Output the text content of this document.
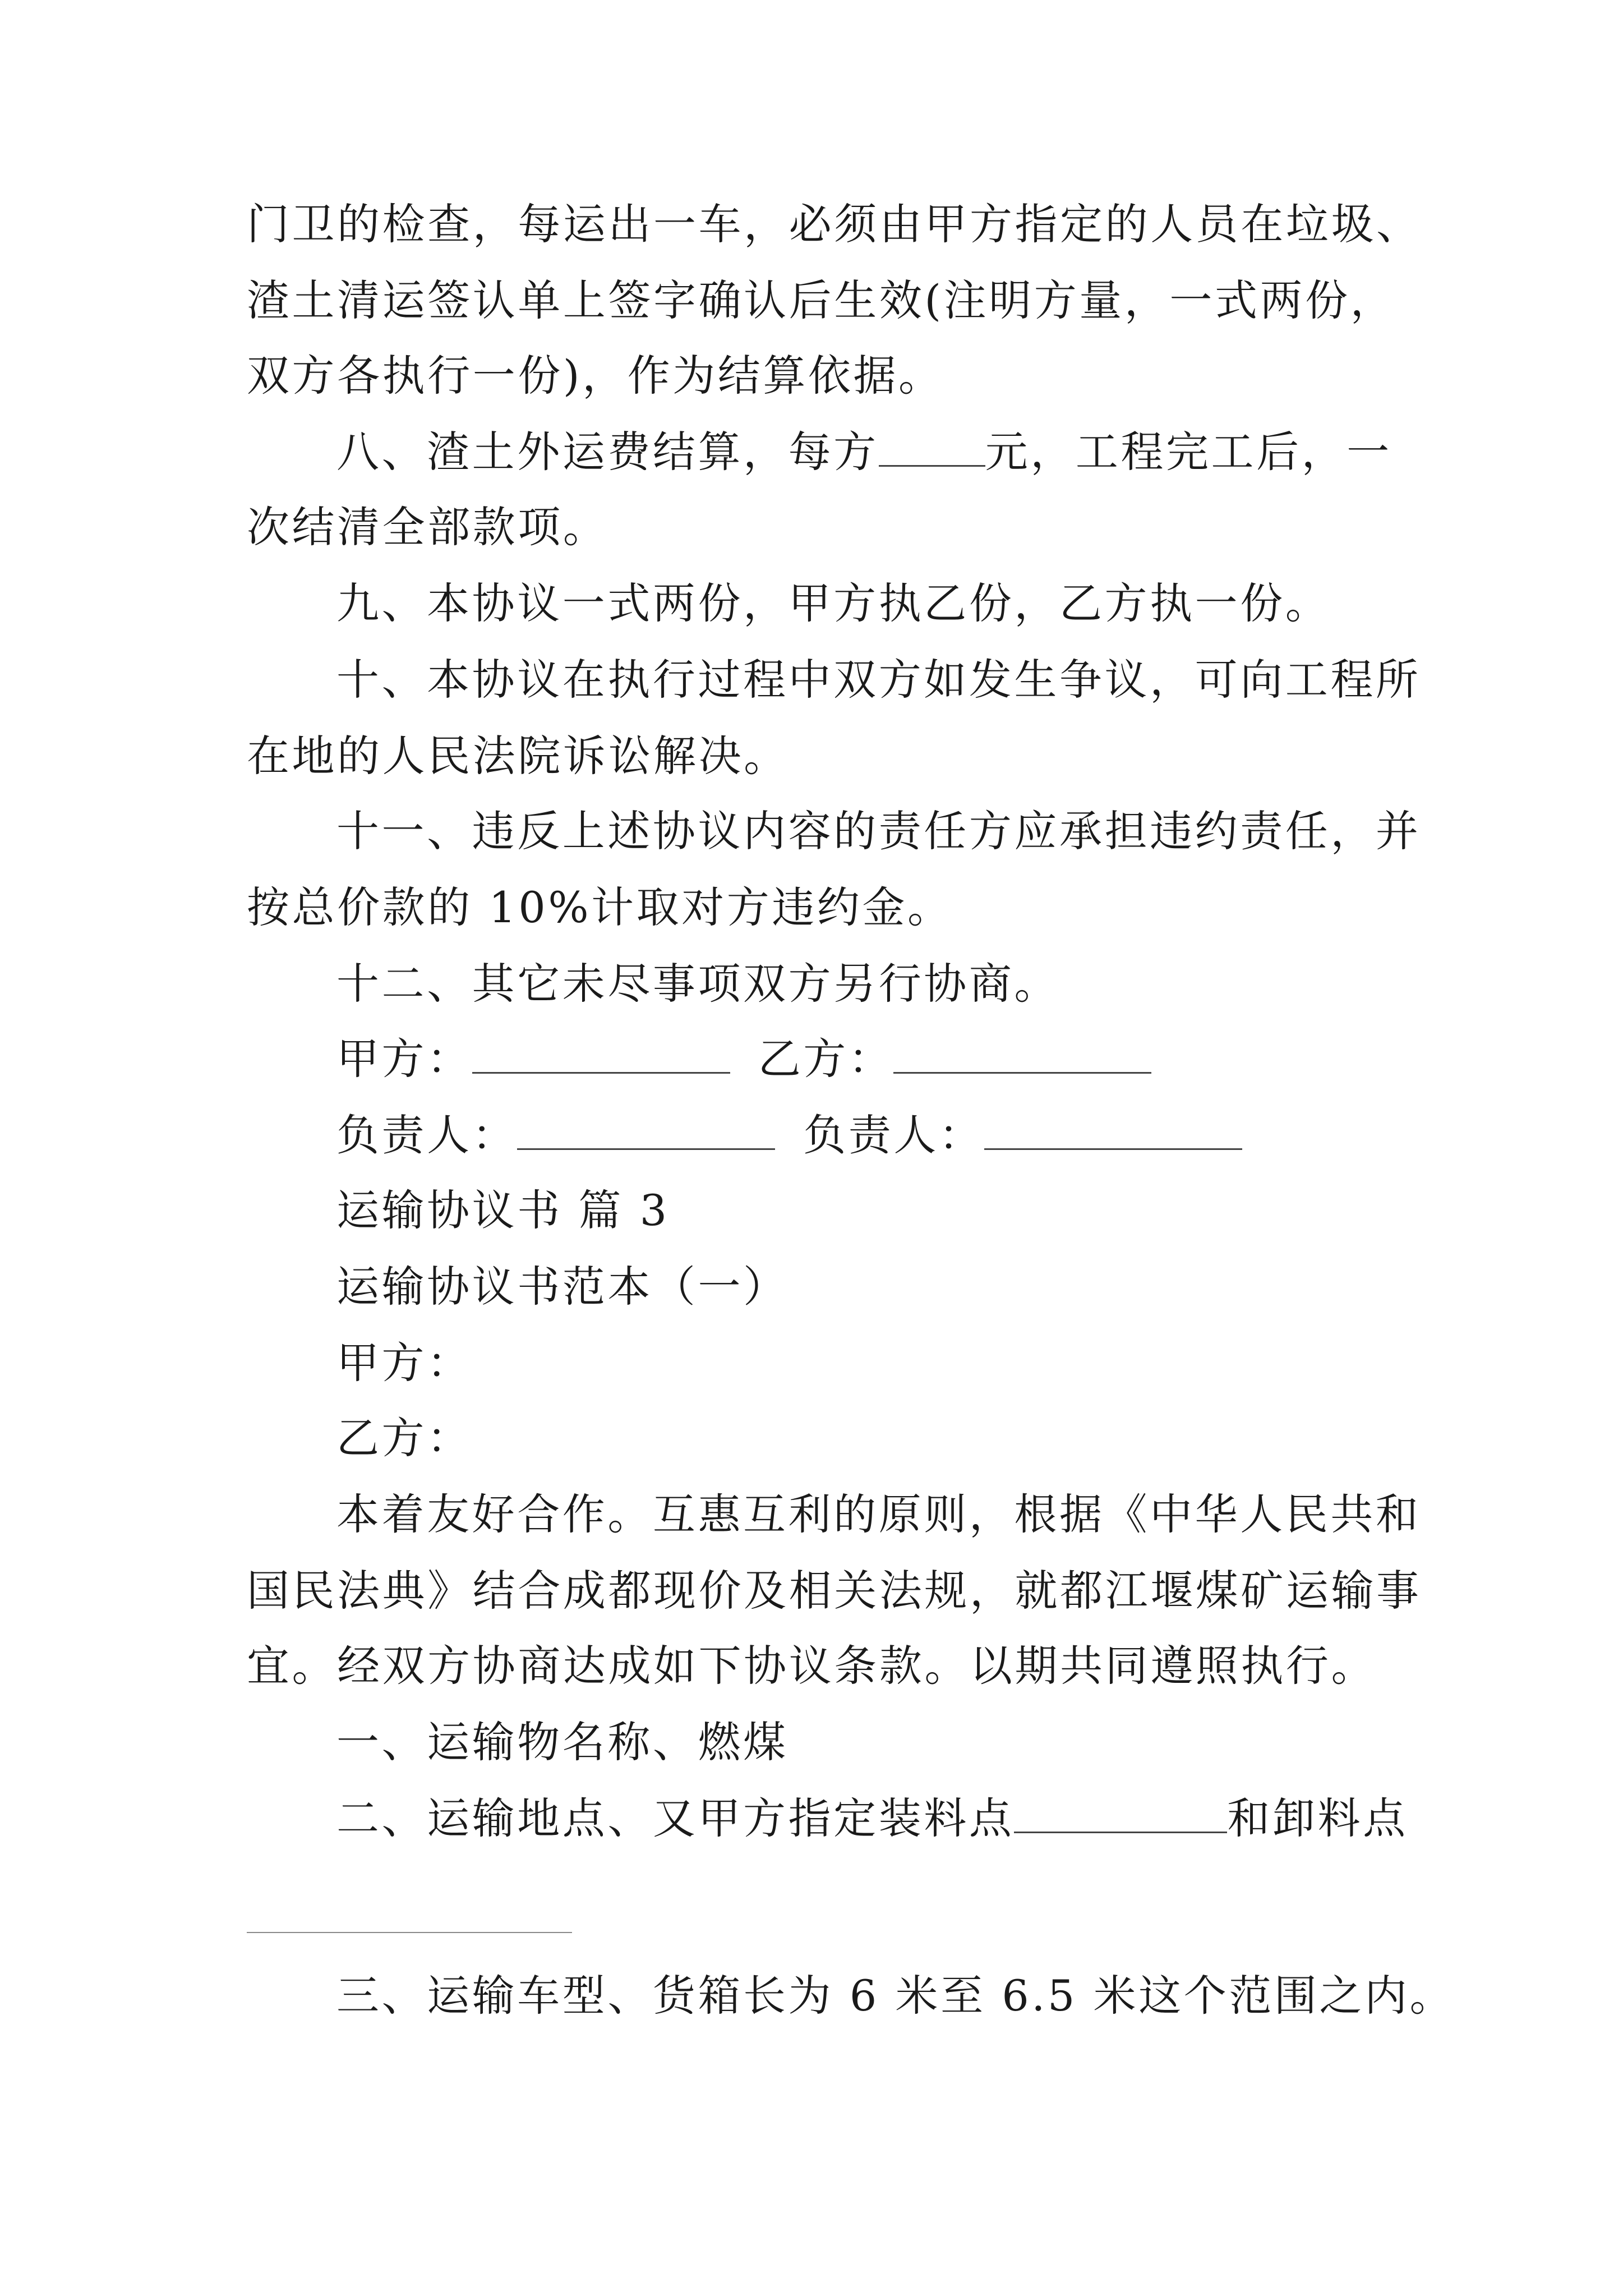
门卫的检查，每运出一车，必须由甲方指定的人员在垃圾、
渣土清运签认单上签字确认后生效(注明方量，一式两份，
双方各执行一份)，作为结算依据。
八、渣土外运费结算，每方	元，工程完工后，一
次结清全部款项。
九、本协议一式两份，甲方执乙份，乙方执一份。
十、本协议在执行过程中双方如发生争议，可向工程所
在地的人民法院诉讼解决。
十一、违反上述协议内容的责任方应承担违约责任，并
按总价款的 10%计取对方违约金。
十二、其它未尽事项双方另行协商。
甲方：	乙方：
负责人：	负责人：
运输协议书 篇 3
运输协议书范本（一）
甲方：
乙方：
本着友好合作。互惠互利的原则，根据《中华人民共和
国民法典》结合成都现价及相关法规，就都江堰煤矿运输事
宜。经双方协商达成如下协议条款。以期共同遵照执行。
一、运输物名称、燃煤
二、运输地点、又甲方指定装料点	和卸料点
三、运输车型、货箱长为 6 米至 6.5 米这个范围之内。
